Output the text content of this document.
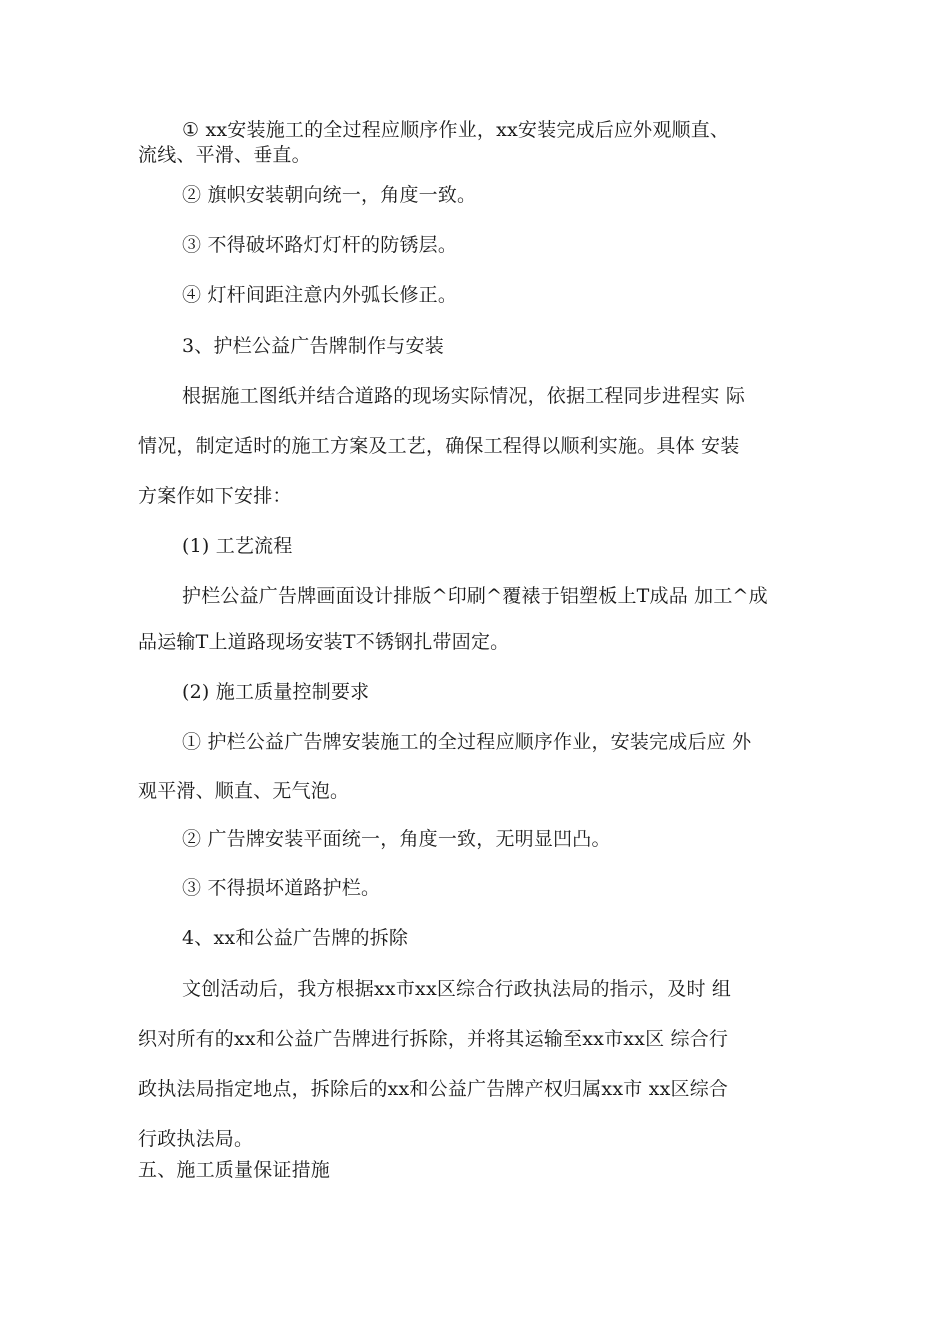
① xx安装施工的全过程应顺序作业，xx安装完成后应外观顺直、
流线、平滑、垂直。
② 旗帜安装朝向统一，角度一致。
③ 不得破坏路灯灯杆的防锈层。
④ 灯杆间距注意内外弧长修正。
3、护栏公益广告牌制作与安装
根据施工图纸并结合道路的现场实际情况，依据工程同步进程实 际
情况，制定适时的施工方案及工艺，确保工程得以顺利实施。具体 安装
方案作如下安排：
(1) 工艺流程
护栏公益广告牌画面设计排版^印刷^覆裱于铝塑板上T成品 加工^成
品运输T上道路现场安装T不锈钢扎带固定。
(2) 施工质量控制要求
① 护栏公益广告牌安装施工的全过程应顺序作业，安装完成后应 外
观平滑、顺直、无气泡。
② 广告牌安装平面统一，角度一致，无明显凹凸。
③ 不得损坏道路护栏。
4、xx和公益广告牌的拆除
文创活动后，我方根据xx市xx区综合行政执法局的指示，及时 组
织对所有的xx和公益广告牌进行拆除，并将其运输至xx市xx区 综合行
政执法局指定地点，拆除后的xx和公益广告牌产权归属xx市 xx区综合
行政执法局。
五、施工质量保证措施
